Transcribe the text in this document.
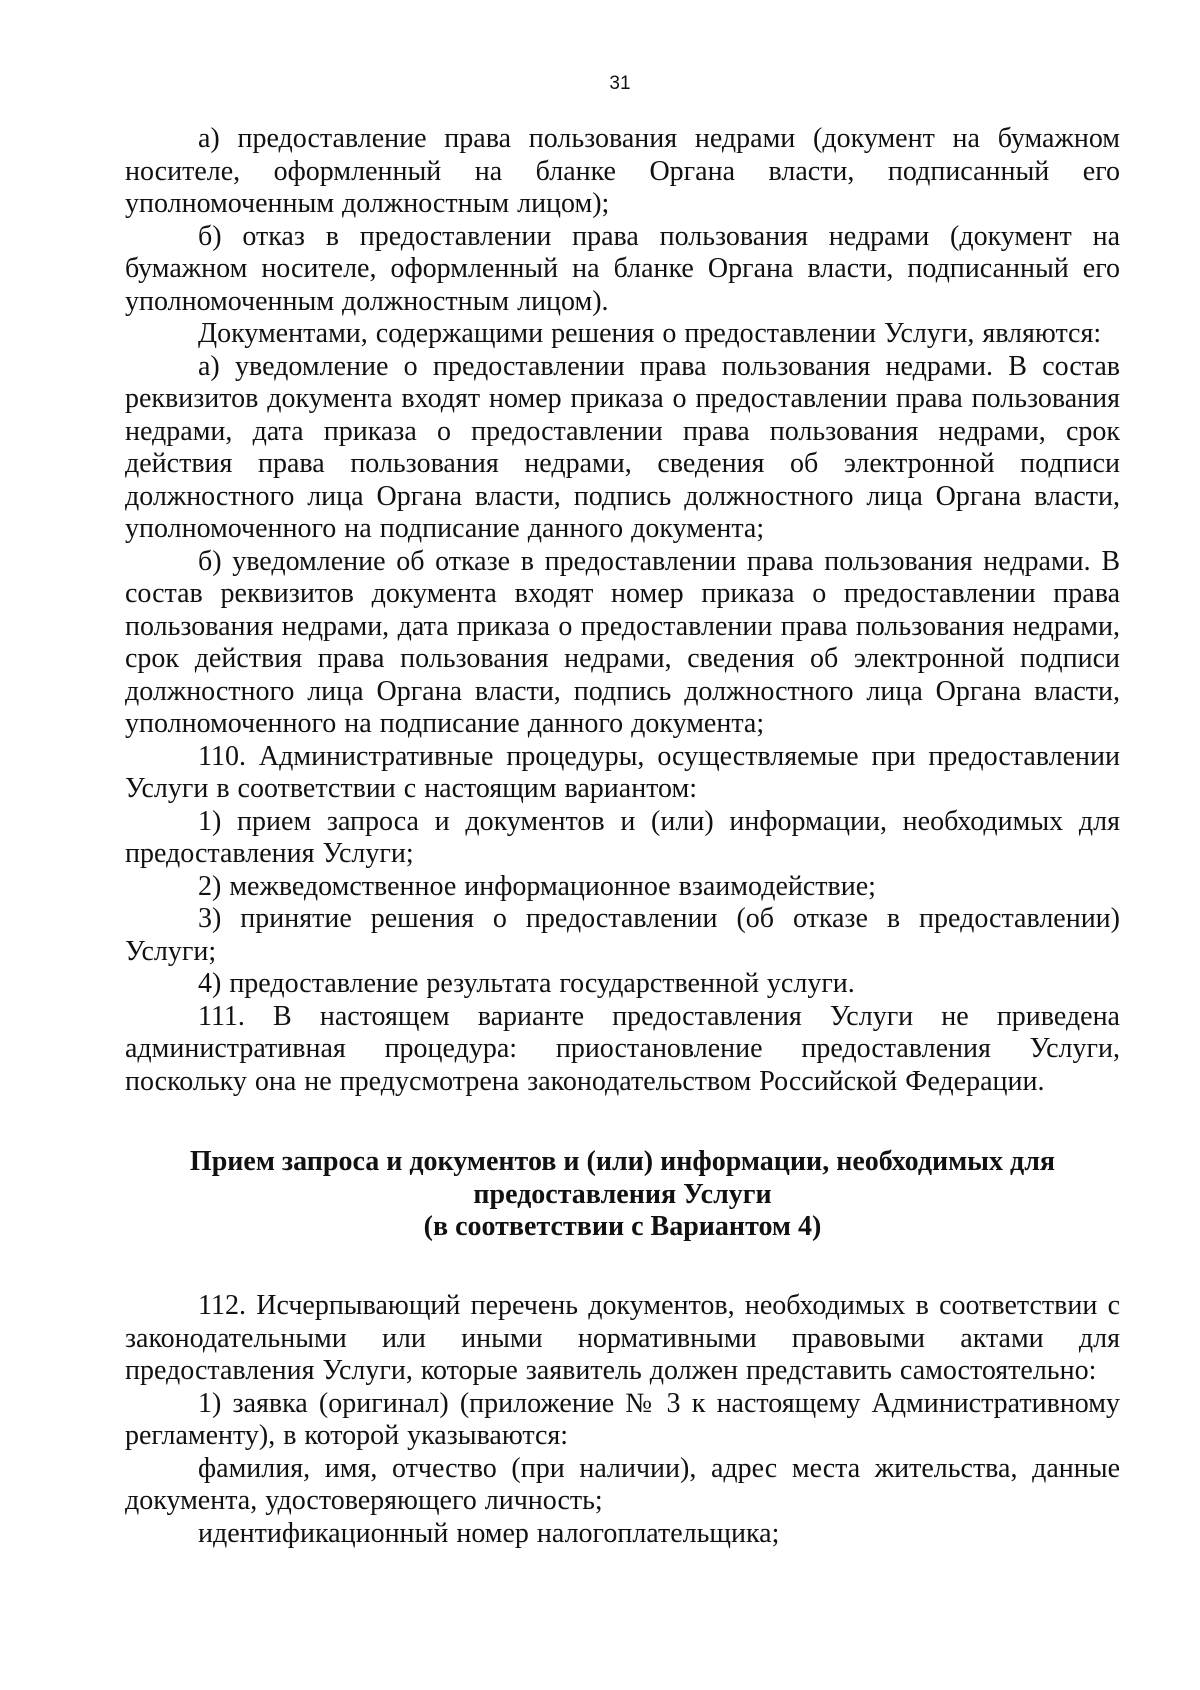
31

а) предоставление права пользования недрами (документ на бумажном носителе, оформленный на бланке Органа власти, подписанный его уполномоченным должностным лицом);

б) отказ в предоставлении права пользования недрами (документ на бумажном носителе, оформленный на бланке Органа власти, подписанный его уполномоченным должностным лицом).

Документами, содержащими решения о предоставлении Услуги, являются:

а) уведомление о предоставлении права пользования недрами. В состав реквизитов документа входят номер приказа о предоставлении права пользования недрами, дата приказа о предоставлении права пользования недрами, срок действия права пользования недрами, сведения об электронной подписи должностного лица Органа власти, подпись должностного лица Органа власти, уполномоченного на подписание данного документа;

б) уведомление об отказе в предоставлении права пользования недрами. В состав реквизитов документа входят номер приказа о предоставлении права пользования недрами, дата приказа о предоставлении права пользования недрами, срок действия права пользования недрами, сведения об электронной подписи должностного лица Органа власти, подпись должностного лица Органа власти, уполномоченного на подписание данного документа;

110. Административные процедуры, осуществляемые при предоставлении Услуги в соответствии с настоящим вариантом:

1) прием запроса и документов и (или) информации, необходимых для предоставления Услуги;

2) межведомственное информационное взаимодействие;

3) принятие решения о предоставлении (об отказе в предоставлении) Услуги;

4) предоставление результата государственной услуги.

111. В настоящем варианте предоставления Услуги не приведена административная процедура: приостановление предоставления Услуги, поскольку она не предусмотрена законодательством Российской Федерации.

Прием запроса и документов и (или) информации, необходимых для
предоставления Услуги
(в соответствии с Вариантом 4)

112. Исчерпывающий перечень документов, необходимых в соответствии с законодательными или иными нормативными правовыми актами для предоставления Услуги, которые заявитель должен представить самостоятельно:

1) заявка (оригинал) (приложение № 3 к настоящему Административному регламенту), в которой указываются:

фамилия, имя, отчество (при наличии), адрес места жительства, данные документа, удостоверяющего личность;

идентификационный номер налогоплательщика;
